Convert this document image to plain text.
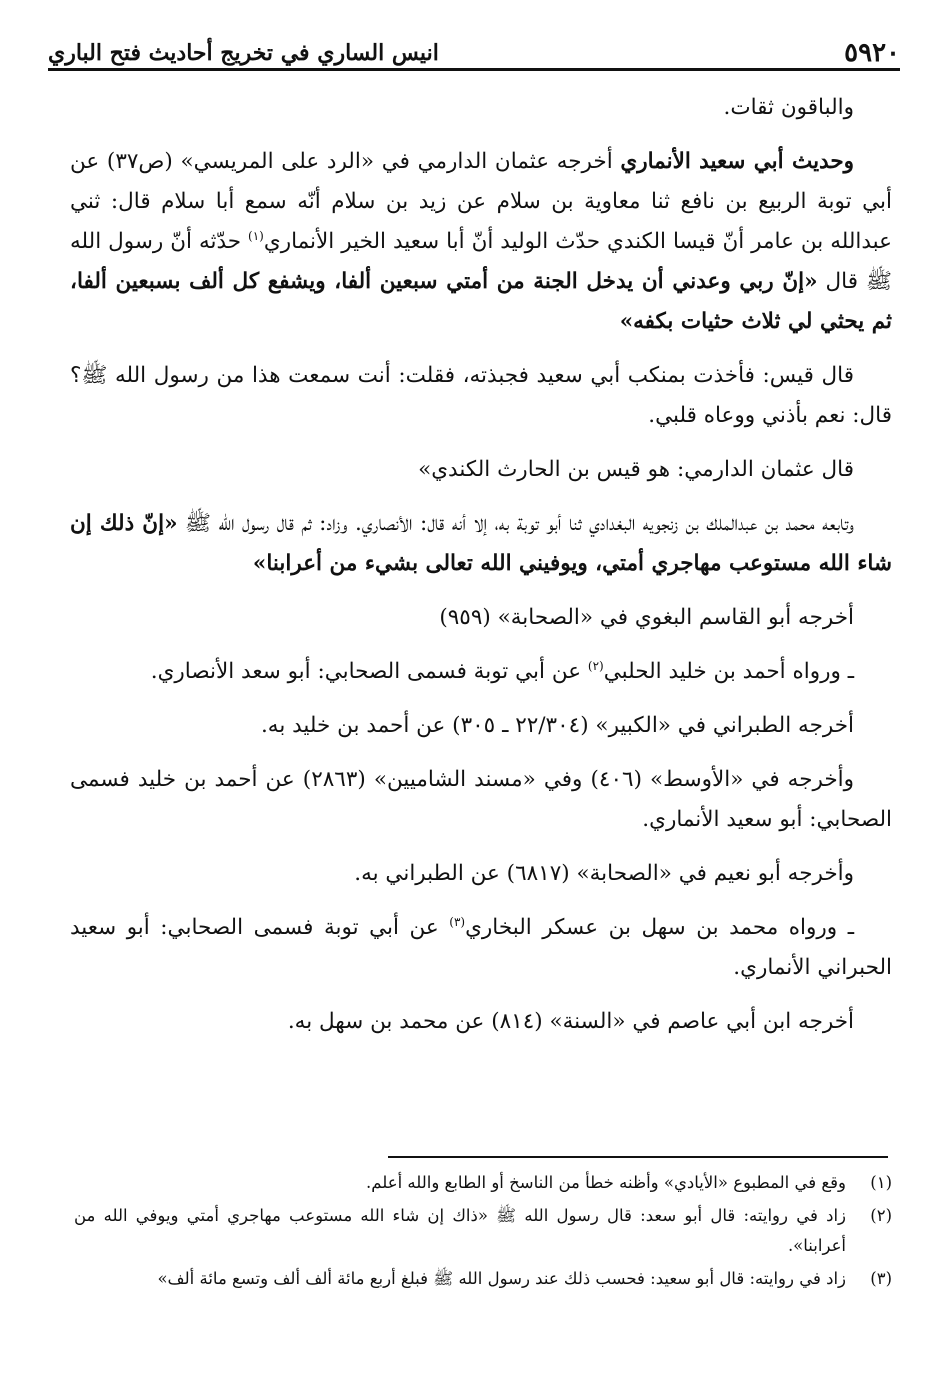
٥٩٢٠
انيس الساري في تخريج أحاديث فتح الباري

والباقون ثقات.

وحديث أبي سعيد الأنماري أخرجه عثمان الدارمي في «الرد على المريسي» (ص٣٧) عن أبي توبة الربيع بن نافع ثنا معاوية بن سلام عن زيد بن سلام أنّه سمع أبا سلام قال: ثني عبدالله بن عامر أنّ قيسا الكندي حدّث الوليد أنّ أبا سعيد الخير الأنماري$^{(١)}$ حدّثه أنّ رسول الله ﷺ قال «إنّ ربي وعدني أن يدخل الجنة من أمتي سبعين ألفا، ويشفع كل ألف بسبعين ألفا، ثم يحثي لي ثلاث حثيات بكفه»

قال قيس: فأخذت بمنكب أبي سعيد فجبذته، فقلت: أنت سمعت هذا من رسول الله ﷺ؟ قال: نعم بأذني ووعاه قلبي.

قال عثمان الدارمي: هو قيس بن الحارث الكندي»

وتابعه محمد بن عبدالملك بن زنجويه البغدادي ثنا أبو توبة به، إلا أنه قال: الأنصاري. وزاد: ثم قال رسول الله ﷺ «إنّ ذلك إن شاء الله مستوعب مهاجري أمتي، ويوفيني الله تعالى بشيء من أعرابنا»

أخرجه أبو القاسم البغوي في «الصحابة» (٩٥٩)

ـ ورواه أحمد بن خليد الحلبي$^{(٢)}$ عن أبي توبة فسمى الصحابي: أبو سعد الأنصاري.

أخرجه الطبراني في «الكبير» (٢٢/٣٠٤ ـ ٣٠٥) عن أحمد بن خليد به.

وأخرجه في «الأوسط» (٤٠٦) وفي «مسند الشاميين» (٢٨٦٣) عن أحمد بن خليد فسمى الصحابي: أبو سعيد الأنماري.

وأخرجه أبو نعيم في «الصحابة» (٦٨١٧) عن الطبراني به.

ـ ورواه محمد بن سهل بن عسكر البخاري$^{(٣)}$ عن أبي توبة فسمى الصحابي: أبو سعيد الحبراني الأنماري.

أخرجه ابن أبي عاصم في «السنة» (٨١٤) عن محمد بن سهل به.

(١)
وقع في المطبوع «الأيادي» وأظنه خطأ من الناسخ أو الطابع والله أعلم.
(٢)
زاد في روايته: قال أبو سعد: قال رسول الله ﷺ «ذاك إن شاء الله مستوعب مهاجري أمتي ويوفي الله من أعرابنا».
(٣)
زاد في روايته: قال أبو سعيد: فحسب ذلك عند رسول الله ﷺ فبلغ أربع مائة ألف ألف وتسع مائة ألف»
